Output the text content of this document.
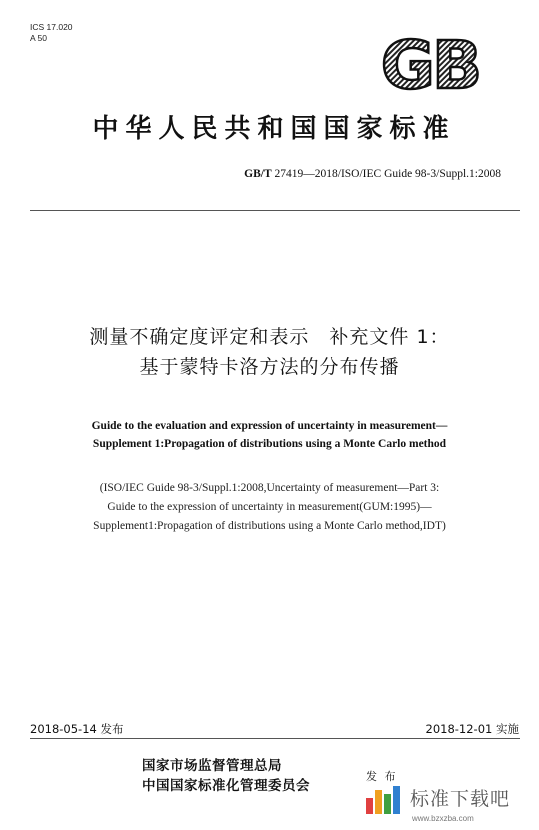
ICS 17.020
A 50	GB
中华人民共和国国家标准
GB/T 27419—2018/ISO/IEC Guide 98-3/Suppl.1:2008
测量不确定度评定和表示　补充文件 1：
基于蒙特卡洛方法的分布传播
Guide to the evaluation and expression of uncertainty in measurement—
Supplement 1:Propagation of distributions using a Monte Carlo method
(ISO/IEC Guide 98-3/Suppl.1:2008,Uncertainty of measurement—Part 3:
Guide to the expression of uncertainty in measurement(GUM:1995)—
Supplement1:Propagation of distributions using a Monte Carlo method,IDT)
2018-05-14 发布	2018-12-01 实施
国家市场监督管理总局
中国国家标准化管理委员会
发 布
标准下载吧
www.bzxzba.com
